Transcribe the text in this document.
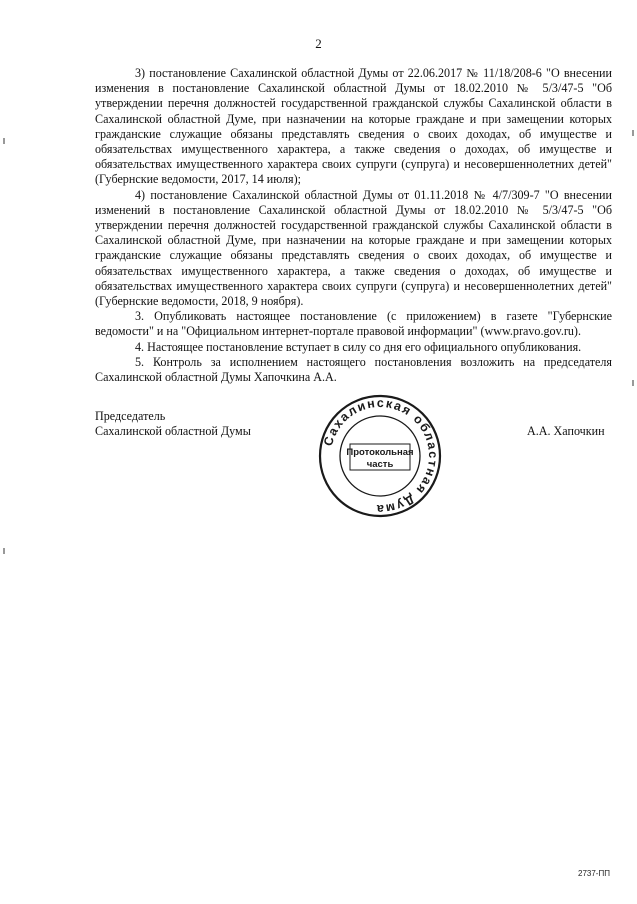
2

3) постановление Сахалинской областной Думы от 22.06.2017 № 11/18/208-6 "О внесении изменения в постановление Сахалинской областной Думы от 18.02.2010 № 5/3/47-5 "Об утверждении перечня должностей государственной гражданской службы Сахалинской области в Сахалинской областной Думе, при назначении на которые граждане и при замещении которых гражданские служащие обязаны представлять сведения о своих доходах, об имуществе и обязательствах имущественного характера, а также сведения о доходах, об имуществе и обязательствах имущественного характера своих супруги (супруга) и несовершеннолетних детей" (Губернские ведомости, 2017, 14 июля);

4) постановление Сахалинской областной Думы от 01.11.2018 № 4/7/309-7 "О внесении изменений в постановление Сахалинской областной Думы от 18.02.2010 № 5/3/47-5 "Об утверждении перечня должностей государственной гражданской службы Сахалинской области в Сахалинской областной Думе, при назначении на которые граждане и при замещении которых гражданские служащие обязаны представлять сведения о своих доходах, об имуществе и обязательствах имущественного характера, а также сведения о доходах, об имуществе и обязательствах имущественного характера своих супруги (супруга) и несовершеннолетних детей" (Губернские ведомости, 2018, 9 ноября).

3. Опубликовать настоящее постановление (с приложением) в газете "Губернские ведомости" и на "Официальном интернет-портале правовой информации" (www.pravo.gov.ru).

4. Настоящее постановление вступает в силу со дня его официального опубликования.

5. Контроль за исполнением настоящего постановления возложить на председателя Сахалинской областной Думы Хапочкина А.А.

Председатель
Сахалинской областной Думы	А.А. Хапочкин
Сахалинская областная Дума
Протокольная
часть
2737-ПП
